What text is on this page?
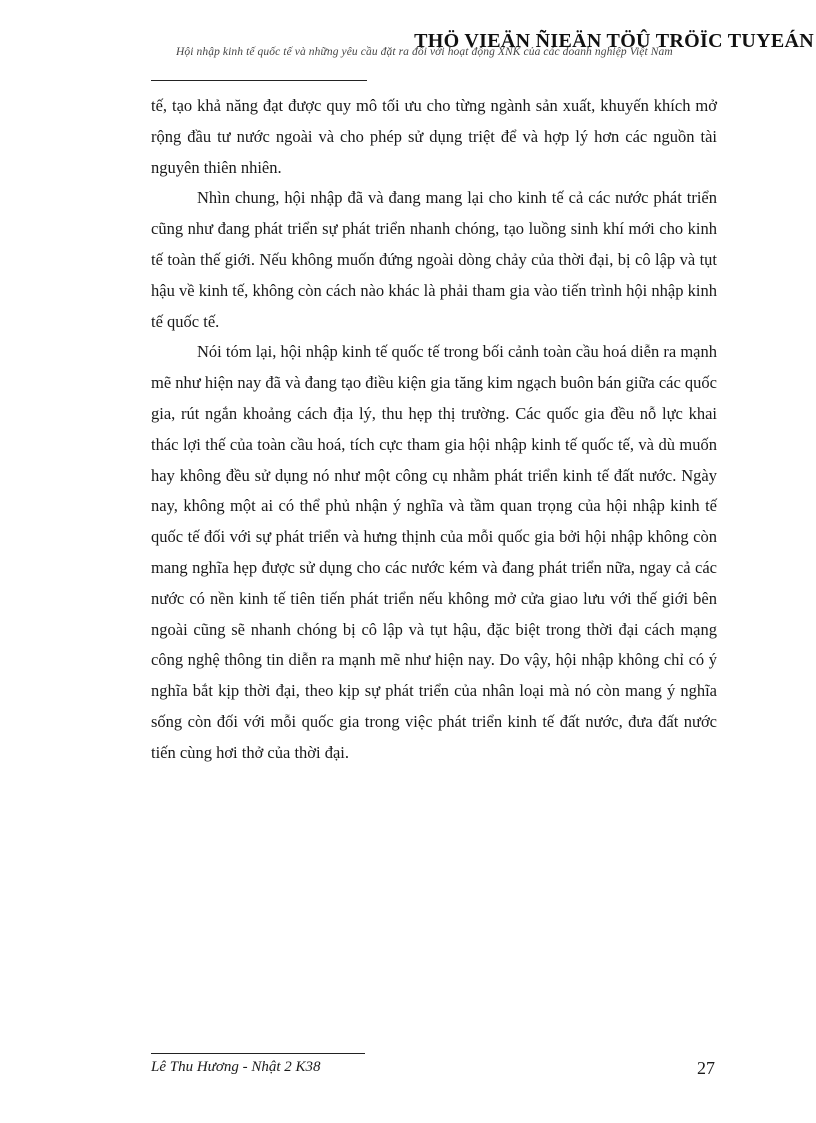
Hội nhập kinh tế quốc tế và những yêu cầu đặt ra đối với hoạt động XNK của các doanh nghiệp Việt Nam
THÖ VIEÄN ÑIEÄN TÖÛ TRÖÏC TUYEÁN

tế, tạo khả năng đạt được quy mô tối ưu cho từng ngành sản xuất, khuyến khích mở rộng đầu tư nước ngoài và cho phép sử dụng triệt để và hợp lý hơn các nguồn tài nguyên thiên nhiên.

Nhìn chung, hội nhập đã và đang mang lại cho kinh tế cả các nước phát triển cũng như đang phát triển sự phát triển nhanh chóng, tạo luồng sinh khí mới cho kinh tế toàn thế giới. Nếu không muốn đứng ngoài dòng chảy của thời đại, bị cô lập và tụt hậu về kinh tế, không còn cách nào khác là phải tham gia vào tiến trình hội nhập kinh tế quốc tế.

Nói tóm lại, hội nhập kinh tế quốc tế trong bối cảnh toàn cầu hoá diễn ra mạnh mẽ như hiện nay đã và đang tạo điều kiện gia tăng kim ngạch buôn bán giữa các quốc gia, rút ngắn khoảng cách địa lý, thu hẹp thị trường. Các quốc gia đều nỗ lực khai thác lợi thế của toàn cầu hoá, tích cực tham gia hội nhập kinh tế quốc tế, và dù muốn hay không đều sử dụng nó như một công cụ nhằm phát triển kinh tế đất nước. Ngày nay, không một ai có thể phủ nhận ý nghĩa và tầm quan trọng của hội nhập kinh tế quốc tế đối với sự phát triển và hưng thịnh của mỗi quốc gia bởi hội nhập không còn mang nghĩa hẹp được sử dụng cho các nước kém và đang phát triển nữa, ngay cả các nước có nền kinh tế tiên tiến phát triển nếu không mở cửa giao lưu với thế giới bên ngoài cũng sẽ nhanh chóng bị cô lập và tụt hậu, đặc biệt trong thời đại cách mạng công nghệ thông tin diễn ra mạnh mẽ như hiện nay. Do vậy, hội nhập không chỉ có ý nghĩa bắt kịp thời đại, theo kịp sự phát triển của nhân loại mà nó còn mang ý nghĩa sống còn đối với mỗi quốc gia trong việc phát triển kinh tế đất nước, đưa đất nước tiến cùng hơi thở của thời đại.

Lê Thu Hương - Nhật 2 K38	27
